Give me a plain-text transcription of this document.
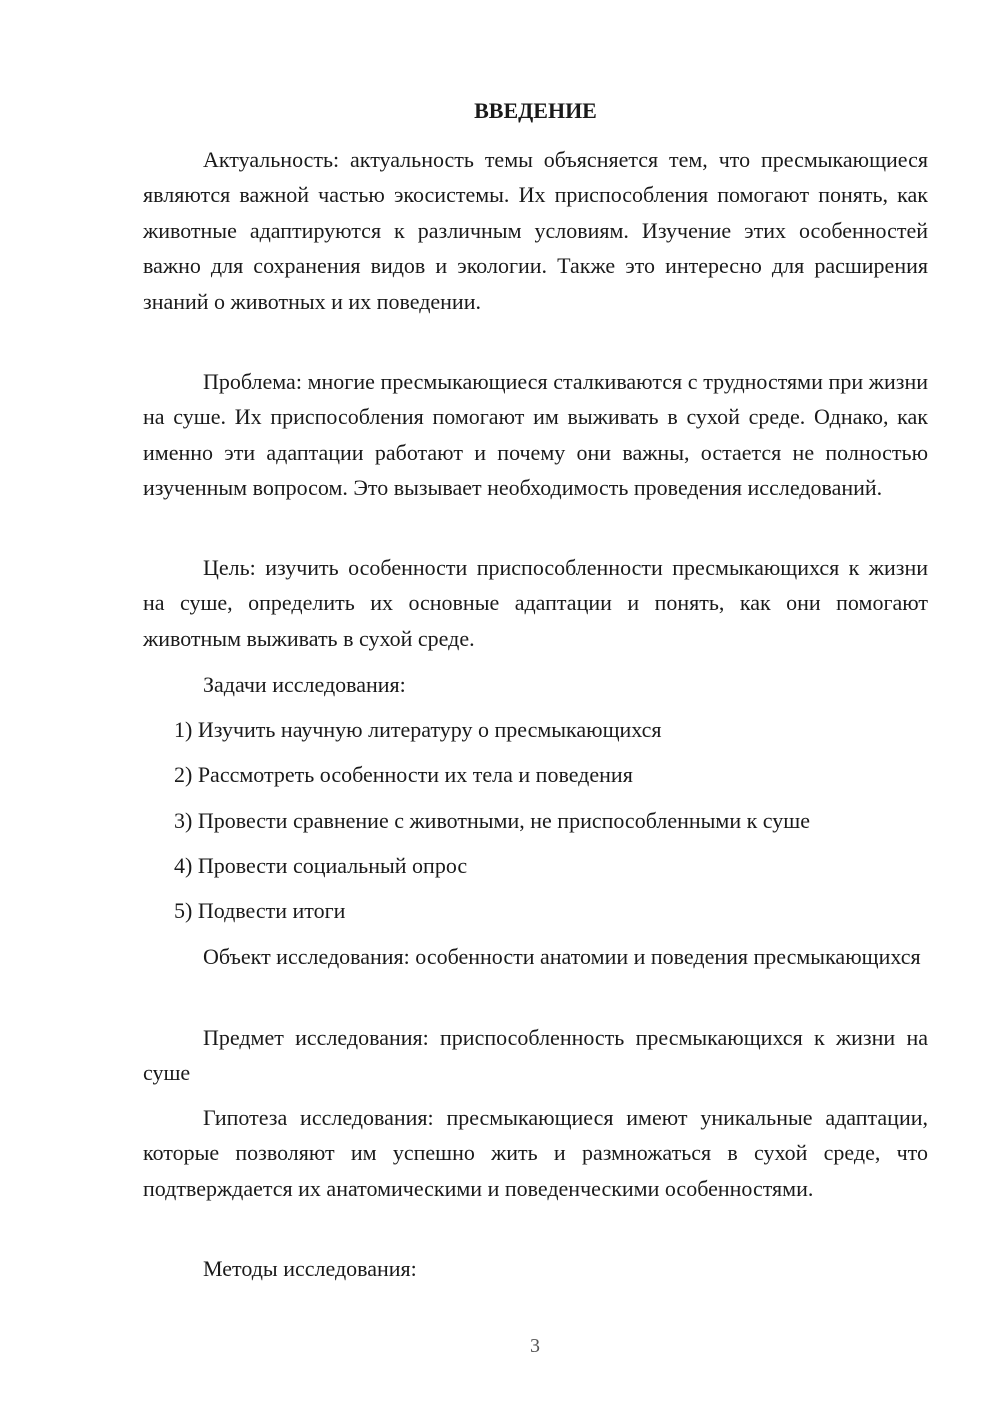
ВВЕДЕНИЕ

Актуальность: актуальность темы объясняется тем, что пресмыкающиеся являются важной частью экосистемы. Их приспособления помогают понять, как животные адаптируются к различным условиям. Изучение этих особенностей важно для сохранения видов и экологии. Также это интересно для расширения знаний о животных и их поведении.

Проблема: многие пресмыкающиеся сталкиваются с трудностями при жизни на суше. Их приспособления помогают им выживать в сухой среде. Однако, как именно эти адаптации работают и почему они важны, остается не полностью изученным вопросом. Это вызывает необходимость проведения исследований.

Цель: изучить особенности приспособленности пресмыкающихся к жизни на суше, определить их основные адаптации и понять, как они помогают животным выживать в сухой среде.

Задачи исследования:

1) Изучить научную литературу о пресмыкающихся

2) Рассмотреть особенности их тела и поведения

3) Провести сравнение с животными, не приспособленными к суше

4) Провести социальный опрос

5) Подвести итоги

Объект исследования: особенности анатомии и поведения пресмыкающихся

Предмет исследования: приспособленность пресмыкающихся к жизни на суше

Гипотеза исследования: пресмыкающиеся имеют уникальные адаптации, которые позволяют им успешно жить и размножаться в сухой среде, что подтверждается их анатомическими и поведенческими особенностями.

Методы исследования:

3
